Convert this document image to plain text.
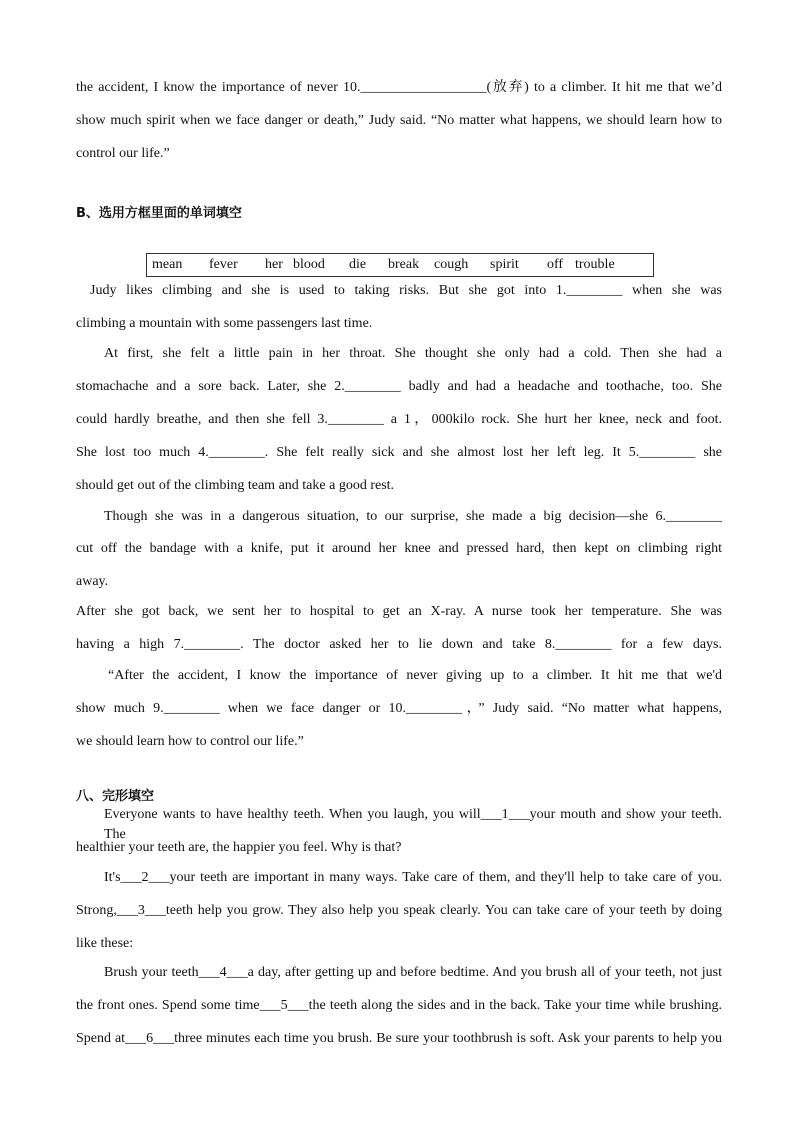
the accident, I know the importance of never 10.__________________(放弃) to a climber. It hit me that we’d
show much spirit when we face danger or death,” Judy said. “No matter what happens, we should learn how to
control our life.”
B、选用方框里面的单词填空
mean fever her blood die break cough spirit off trouble
Judy likes climbing and she is used to taking risks. But she got into 1.________ when she was
climbing a mountain with some passengers last time.
At first, she felt a little pain in her throat. She thought she only had a cold. Then she had a
stomachache and a sore back. Later, she 2.________ badly and had a headache and toothache, too. She
could hardly breathe, and then she fell 3.________ a 1，000kilo rock. She hurt her knee, neck and foot.
She lost too much 4.________. She felt really sick and she almost lost her left leg. It 5.________ she
should get out of the climbing team and take a good rest.
Though she was in a dangerous situation, to our surprise, she made a big decision—she 6.________
cut off the bandage with a knife, put it around her knee and pressed hard, then kept on climbing right
away.
After she got back, we sent her to hospital to get an X-ray. A nurse took her temperature. She was
having a high 7.________. The doctor asked her to lie down and take 8.________ for a few days.
“After the accident, I know the importance of never giving up to a climber. It hit me that we'd
show much 9.________ when we face danger or 10.________，” Judy said. “No matter what happens,
we should learn how to control our life.”
八、完形填空
Everyone wants to have healthy teeth. When you laugh, you will___1___your mouth and show your teeth. The
healthier your teeth are, the happier you feel. Why is that?
It's___2___your teeth are important in many ways. Take care of them, and they'll help to take care of you.
Strong,___3___teeth help you grow. They also help you speak clearly. You can take care of your teeth by doing
like these:
Brush your teeth___4___a day, after getting up and before bedtime. And you brush all of your teeth, not just
the front ones. Spend some time___5___the teeth along the sides and in the back. Take your time while brushing.
Spend at___6___three minutes each time you brush. Be sure your toothbrush is soft. Ask your parents to help you
